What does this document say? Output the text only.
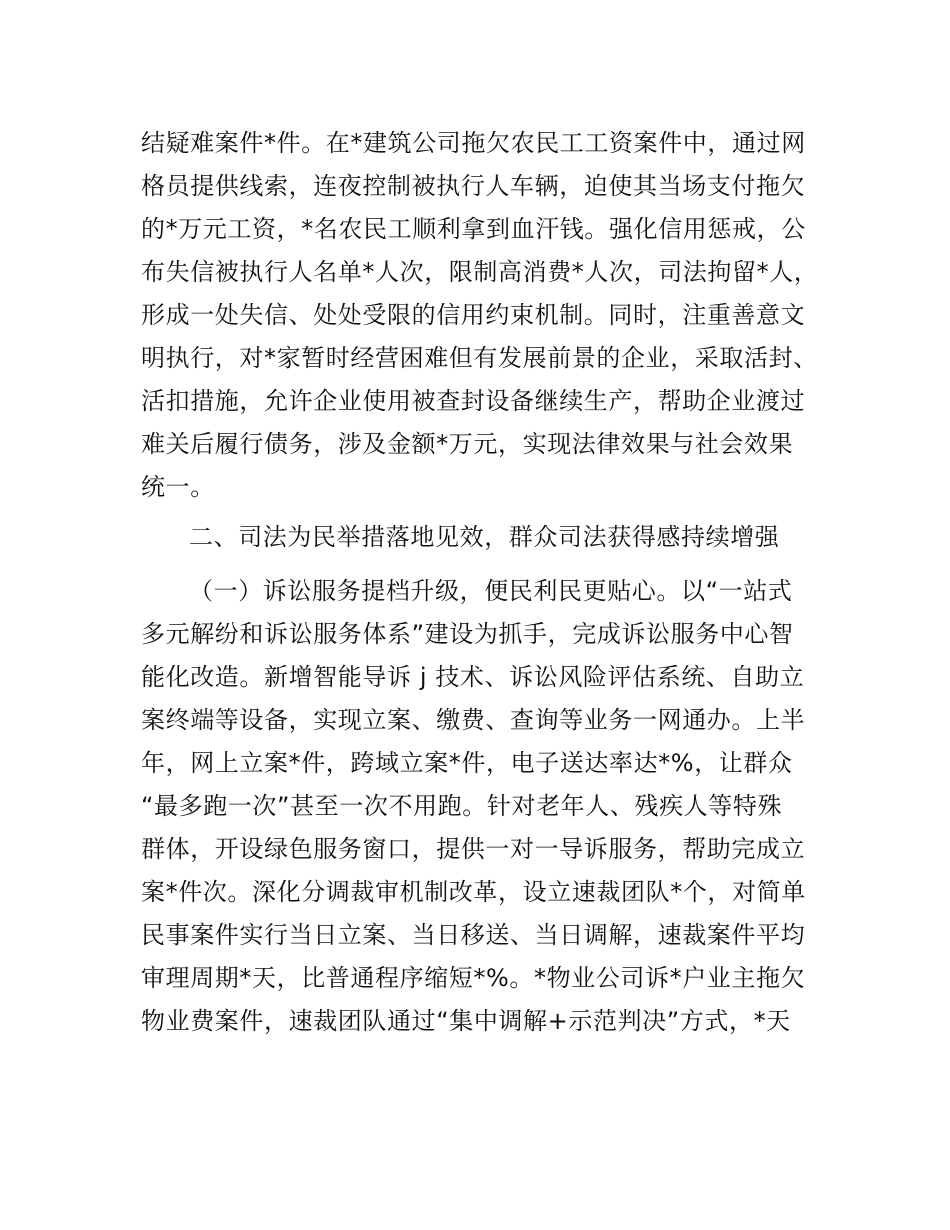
结疑难案件*件。在*建筑公司拖欠农民工工资案件中，通过网
格员提供线索，连夜控制被执行人车辆，迫使其当场支付拖欠
的*万元工资，*名农民工顺利拿到血汗钱。强化信用惩戒，公
布失信被执行人名单*人次，限制高消费*人次，司法拘留*人，
形成一处失信、处处受限的信用约束机制。同时，注重善意文
明执行，对*家暂时经营困难但有发展前景的企业，采取活封、
活扣措施，允许企业使用被查封设备继续生产，帮助企业渡过
难关后履行债务，涉及金额*万元，实现法律效果与社会效果
统一。
二、司法为民举措落地见效，群众司法获得感持续增强
（一）诉讼服务提档升级，便民利民更贴心。以“一站式
多元解纷和诉讼服务体系”建设为抓手，完成诉讼服务中心智
能化改造。新增智能导诉 j 技术、诉讼风险评估系统、自助立
案终端等设备，实现立案、缴费、查询等业务一网通办。上半
年，网上立案*件，跨域立案*件，电子送达率达*%，让群众
“最多跑一次”甚至一次不用跑。针对老年人、残疾人等特殊
群体，开设绿色服务窗口，提供一对一导诉服务，帮助完成立
案*件次。深化分调裁审机制改革，设立速裁团队*个，对简单
民事案件实行当日立案、当日移送、当日调解，速裁案件平均
审理周期*天，比普通程序缩短*%。*物业公司诉*户业主拖欠
物业费案件，速裁团队通过“集中调解+示范判决”方式，*天
